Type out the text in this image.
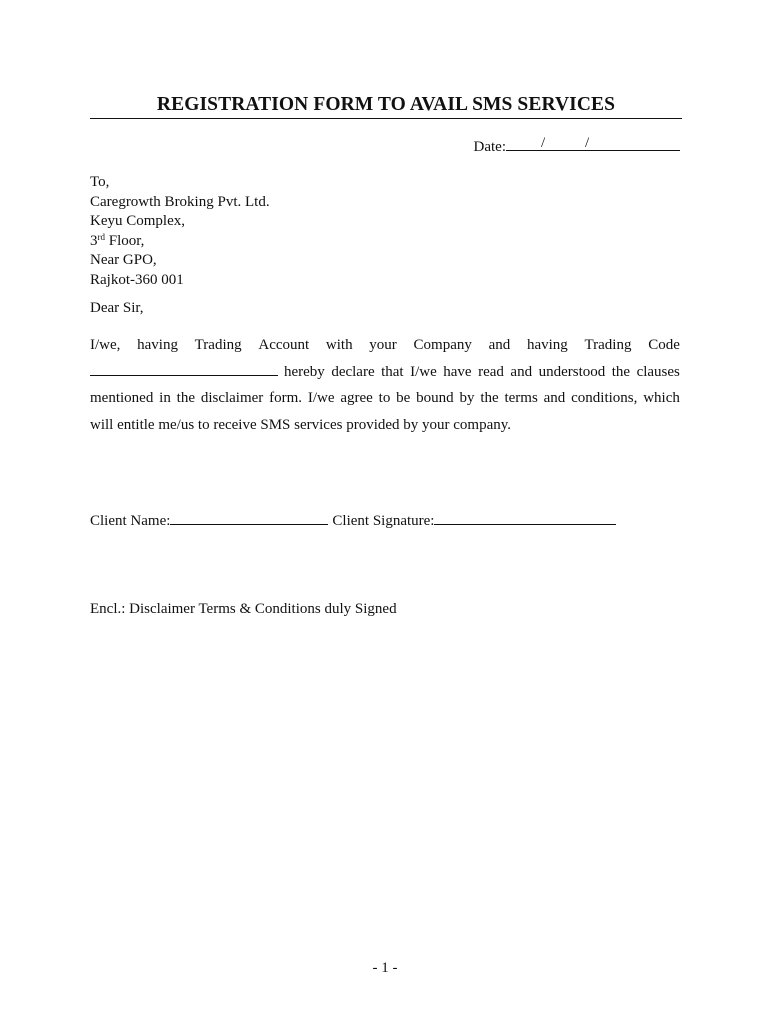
REGISTRATION FORM TO AVAIL SMS SERVICES
Date: /	/
To,
Caregrowth Broking Pvt. Ltd.
Keyu Complex,
3rd Floor,
Near GPO,
Rajkot-360 001
Dear Sir,
I/we, having Trading Account with your Company and having Trading Code
hereby declare that I/we have read and understood the clauses
mentioned in the disclaimer form. I/we agree to be bound by the terms and conditions, which
will entitle me/us to receive SMS services provided by your company.
Client Name:	Client Signature:
Encl.: Disclaimer Terms & Conditions duly Signed
- 1 -
